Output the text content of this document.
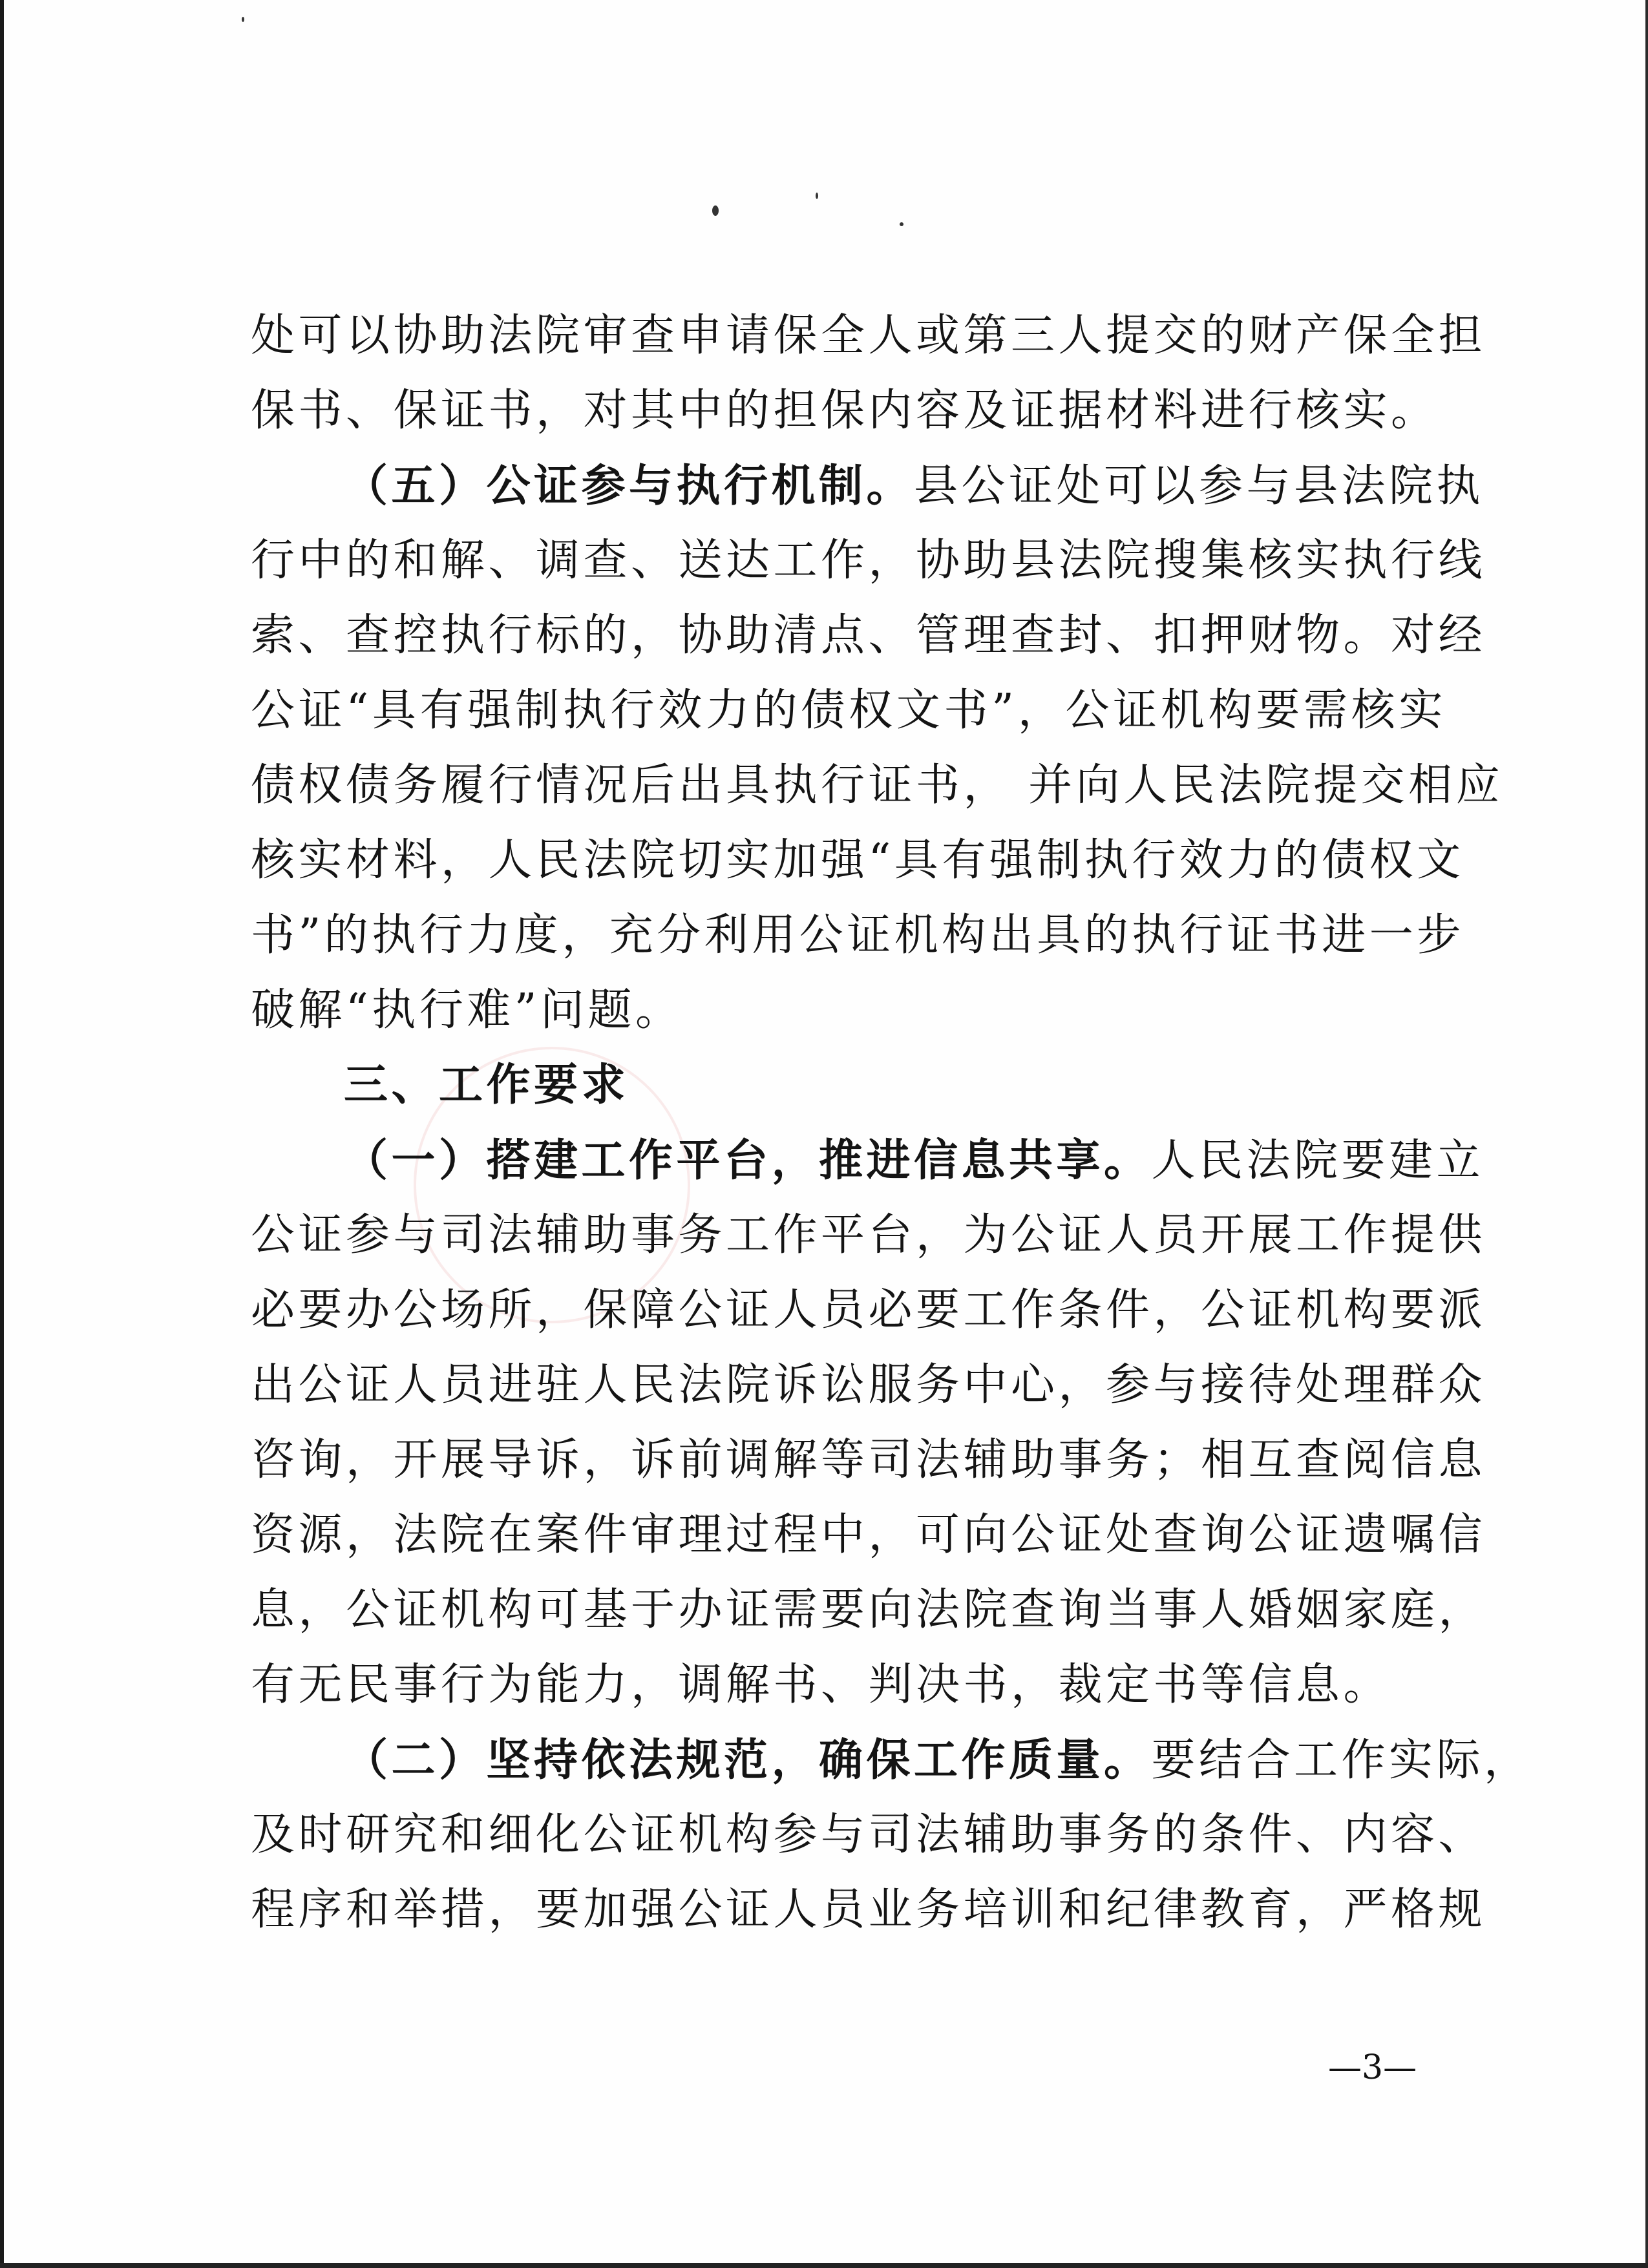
处可以协助法院审查申请保全人或第三人提交的财产保全担
保书、保证书，对其中的担保内容及证据材料进行核实。
（五）公证参与执行机制。县公证处可以参与县法院执
行中的和解、调查、送达工作，协助县法院搜集核实执行线
索、查控执行标的，协助清点、管理查封、扣押财物。对经
公证“具有强制执行效力的债权文书”，公证机构要需核实
债权债务履行情况后出具执行证书， 并向人民法院提交相应
核实材料，人民法院切实加强“具有强制执行效力的债权文
书”的执行力度，充分利用公证机构出具的执行证书进一步
破解“执行难”问题。
三、工作要求
（一）搭建工作平台，推进信息共享。人民法院要建立
公证参与司法辅助事务工作平台，为公证人员开展工作提供
必要办公场所，保障公证人员必要工作条件，公证机构要派
出公证人员进驻人民法院诉讼服务中心，参与接待处理群众
咨询，开展导诉，诉前调解等司法辅助事务；相互查阅信息
资源，法院在案件审理过程中，可向公证处查询公证遗嘱信
息，公证机构可基于办证需要向法院查询当事人婚姻家庭，
有无民事行为能力，调解书、判决书，裁定书等信息。
（二）坚持依法规范，确保工作质量。要结合工作实际，
及时研究和细化公证机构参与司法辅助事务的条件、内容、
程序和举措，要加强公证人员业务培训和纪律教育，严格规
—3—
